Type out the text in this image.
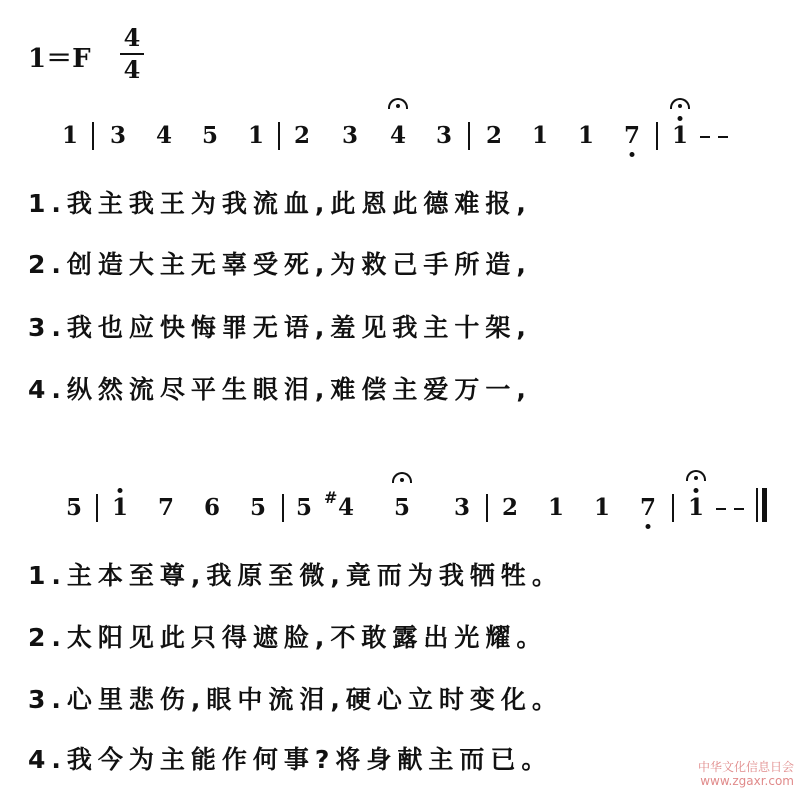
1＝F
4
4
1 3 4 5 1 2 3 4 3 2 1 1 7 1
1.我主我王为我流血,此恩此德难报,
2.创造大主无辜受死,为救己手所造,
3.我也应快悔罪无语,羞见我主十架,
4.纵然流尽平生眼泪,难偿主爱万一,
5 1 7 6 5 5 # 4 5 3 2 1 1 7 1
1.主本至尊,我原至微,竟而为我牺牲。
2.太阳见此只得遮脸,不敢露出光耀。
3.心里悲伤,眼中流泪,硬心立时变化。
4.我今为主能作何事?将身献主而已。	中华文化信息日会
www.zgaxr.com
